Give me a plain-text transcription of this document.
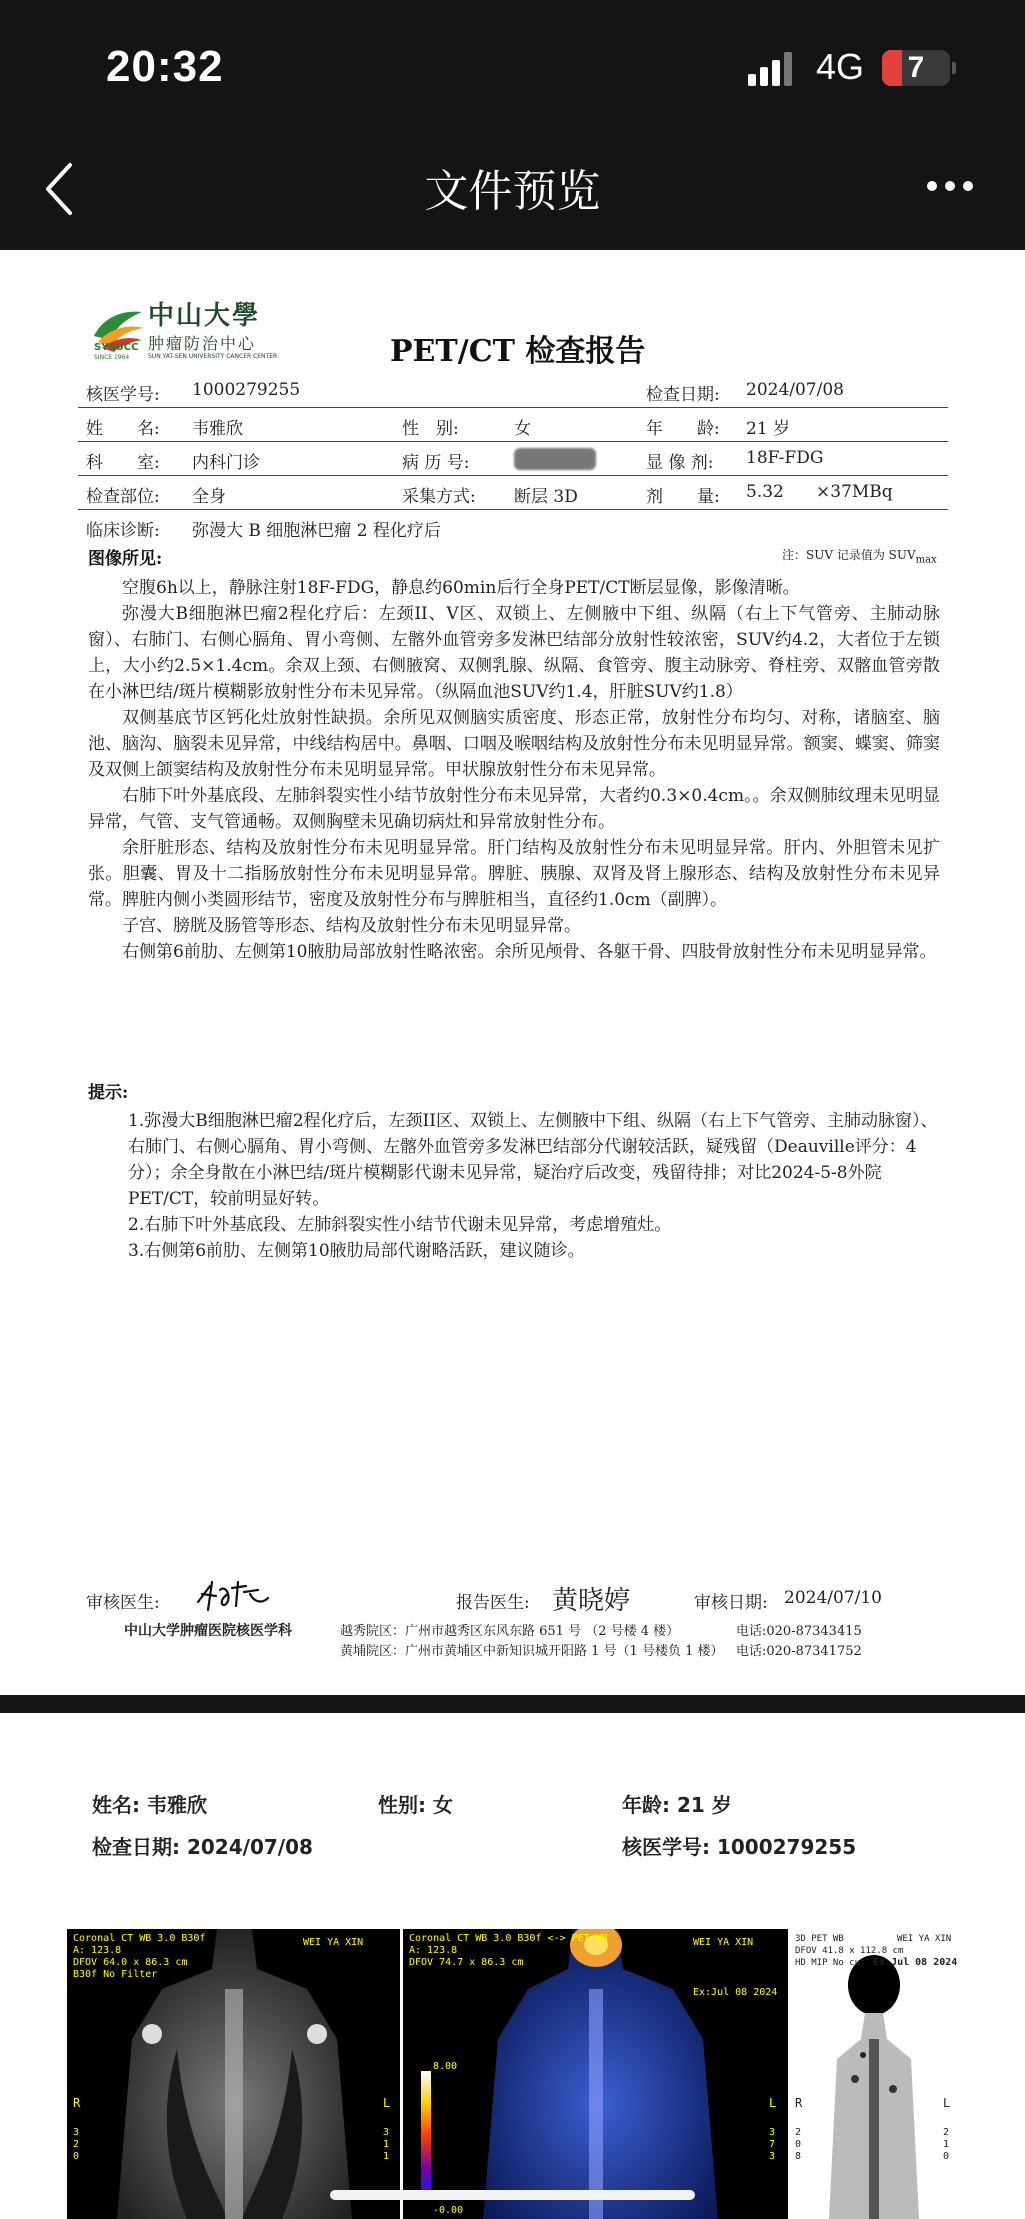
20:32	4G	7
文件预览
中山大學
肿瘤防治中心
SUN YAT-SEN UNIVERSITY CANCER CENTER
SYSUCC
SINCE 1964	PET/CT 检查报告
核医学号: 1000279255	检查日期: 2024/07/08
姓　　名: 韦雅欣	性　别:	女	年　　龄: 21 岁
科　　室: 内科门诊	病 历 号:	显 像 剂: 18F-FDG
检查部位: 全身	采集方式: 断层 3D	剂　　量: 5.32 ×37MBq
临床诊断: 弥漫大 B 细胞淋巴瘤 2 程化疗后
图像所见:	注：SUV 记录值为 $SUV_{max}$

空腹6h以上，静脉注射18F-FDG，静息约60min后行全身PET/CT断层显像，影像清晰。

弥漫大B细胞淋巴瘤2程化疗后：左颈II、V区、双锁上、左侧腋中下组、纵隔（右上下气管旁、主肺动脉窗）、右肺门、右侧心膈角、胃小弯侧、左髂外血管旁多发淋巴结部分放射性较浓密，SUV约4.2，大者位于左锁上，大小约2.5×1.4cm。余双上颈、右侧腋窝、双侧乳腺、纵隔、食管旁、腹主动脉旁、脊柱旁、双髂血管旁散在小淋巴结/斑片模糊影放射性分布未见异常。（纵隔血池SUV约1.4，肝脏SUV约1.8）

双侧基底节区钙化灶放射性缺损。余所见双侧脑实质密度、形态正常，放射性分布均匀、对称，诸脑室、脑池、脑沟、脑裂未见异常，中线结构居中。鼻咽、口咽及喉咽结构及放射性分布未见明显异常。额窦、蝶窦、筛窦及双侧上颌窦结构及放射性分布未见明显异常。甲状腺放射性分布未见异常。

右肺下叶外基底段、左肺斜裂实性小结节放射性分布未见异常，大者约0.3×0.4cm。。余双侧肺纹理未见明显异常，气管、支气管通畅。双侧胸壁未见确切病灶和异常放射性分布。

余肝脏形态、结构及放射性分布未见明显异常。肝门结构及放射性分布未见明显异常。肝内、外胆管未见扩张。胆囊、胃及十二指肠放射性分布未见明显异常。脾脏、胰腺、双肾及肾上腺形态、结构及放射性分布未见异常。脾脏内侧小类圆形结节，密度及放射性分布与脾脏相当，直径约1.0cm（副脾）。

子宫、膀胱及肠管等形态、结构及放射性分布未见明显异常。

右侧第6前肋、左侧第10腋肋局部放射性略浓密。余所见颅骨、各躯干骨、四肢骨放射性分布未见明显异常。

提示:

1.弥漫大B细胞淋巴瘤2程化疗后，左颈II区、双锁上、左侧腋中下组、纵隔（右上下气管旁、主肺动脉窗）、右肺门、右侧心膈角、胃小弯侧、左髂外血管旁多发淋巴结部分代谢较活跃，疑残留（Deauville评分：4分）；余全身散在小淋巴结/斑片模糊影代谢未见异常，疑治疗后改变，残留待排；对比2024-5-8外院PET/CT，较前明显好转。

2.右肺下叶外基底段、左肺斜裂实性小结节代谢未见异常，考虑增殖灶。

3.右侧第6前肋、左侧第10腋肋局部代谢略活跃，建议随诊。

审核医生:	报告医生: 黄晓婷	审核日期: 2024/07/10
中山大学肿瘤医院核医学科	越秀院区：广州市越秀区东风东路 651 号 （2 号楼 4 楼）
黄埔院区：广州市黄埔区中新知识城开阳路 1 号（1 号楼负 1 楼）
电话:020-87343415
电话:020-87341752
姓名: 韦雅欣	性别: 女	年龄: 21 岁
检查日期: 2024/07/08	核医学号: 1000279255
Coronal CT WB 3.0 B30f
A: 123.8
DFOV 64.0 x 86.3 cm
B30f No Filter
WEI YA XIN
R	L
3
2
0
3
1
1
Coronal CT WB 3.0 B30f <-> PET WB
A: 123.8
DFOV 74.7 x 86.3 cm
WEI YA XIN
Ex:Jul 08 2024
8.00
-0.00
L
3
7
3
3D PET WB
DFOV 41.8 x 112.8 cm
HD MIP No cut
WEI YA XIN
Ex:Jul 08 2024
R	L
2
0
8
2
1
0
